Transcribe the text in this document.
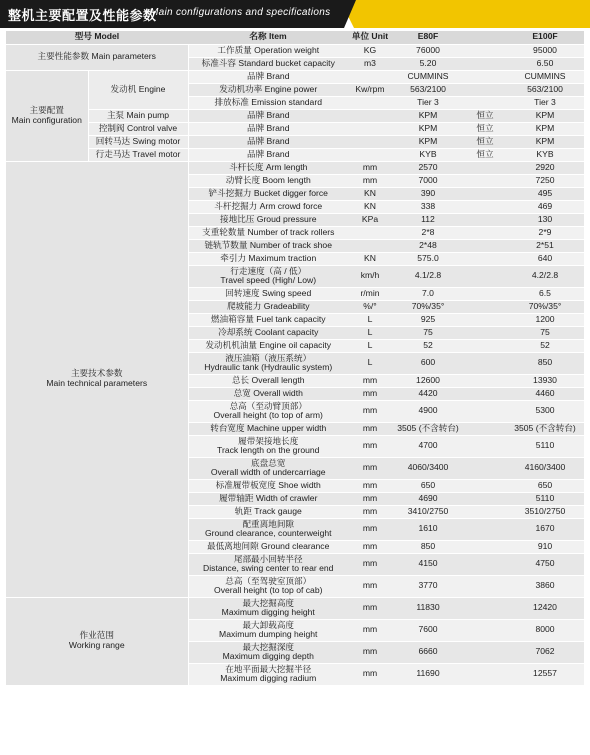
整机主要配置及性能参数
Main configurations and specifications
型号 Model		名称 Item	单位 Unit	E80F		E100F
主要性能参数 Main parameters		工作质量 Operation weight	KG	76000		95000
		标准斗容 Standard bucket capacity	m3	5.20		6.50
主要配置
Main configuration	发动机 Engine	品牌 Brand		CUMMINS		CUMMINS
		发动机功率 Engine power	Kw/rpm	563/2100		563/2100
		排放标准 Emission standard		Tier 3		Tier 3
	主泵 Main pump	品牌 Brand		KPM	恒立	KPM
	控制阀 Control valve	品牌 Brand		KPM	恒立	KPM
	回转马达 Swing motor	品牌 Brand		KPM	恒立	KPM
	行走马达 Travel motor	品牌 Brand		KYB	恒立	KYB
主要技术参数
Main technical parameters		斗杆长度 Arm length	mm	2570		2920
		动臂长度 Boom length	mm	7000		7250
		铲斗挖掘力 Bucket digger force	KN	390		495
		斗杆挖掘力 Arm crowd force	KN	338		469
		接地比压 Groud pressure	KPa	112		130
		支重轮数量 Number of track rollers		2*8		2*9
		链轨节数量 Number of track shoe		2*48		2*51
		牵引力 Maximum traction	KN	575.0		640
		行走速度（高 / 低）
Travel speed (High/ Low)	km/h	4.1/2.8		4.2/2.8
		回转速度 Swing speed	r/min	7.0		6.5
		爬坡能力 Gradeability	%/°	70%/35°		70%/35°
		燃油箱容量 Fuel tank capacity	L	925		1200
		冷却系统 Coolant capacity	L	75		75
		发动机机油量 Engine oil capacity	L	52		52
		液压油箱（液压系统）
Hydraulic tank (Hydraulic system)	L	600		850
		总长 Overall length	mm	12600		13930
		总宽 Overall width	mm	4420		4460
		总高（至动臂顶部）
Overall height (to top of arm)	mm	4900		5300
		转台宽度 Machine upper width	mm	3505 (不含转台)		3505 (不含转台)
		履带架接地长度
Track length on the ground	mm	4700		5110
		底盘总宽
Overall width of undercarriage	mm	4060/3400		4160/3400
		标准履带板宽度 Shoe width	mm	650		650
		履带轴距 Width of crawler	mm	4690		5110
		轨距 Track gauge	mm	3410/2750		3510/2750
		配重离地间隙
Ground clearance, counterweight	mm	1610		1670
		最低离地间隙 Ground clearance	mm	850		910
		尾部最小回转半径
Distance, swing center to rear end	mm	4150		4750
		总高（至驾驶室顶部）
Overall height (to top of cab)	mm	3770		3860
作业范围
Working range		最大挖掘高度
Maximum digging height	mm	11830		12420
		最大卸载高度
Maximum dumping height	mm	7600		8000
		最大挖掘深度
Maximum digging depth	mm	6660		7062
		在地平面最大挖掘半径
Maximum digging radium	mm	11690		12557
